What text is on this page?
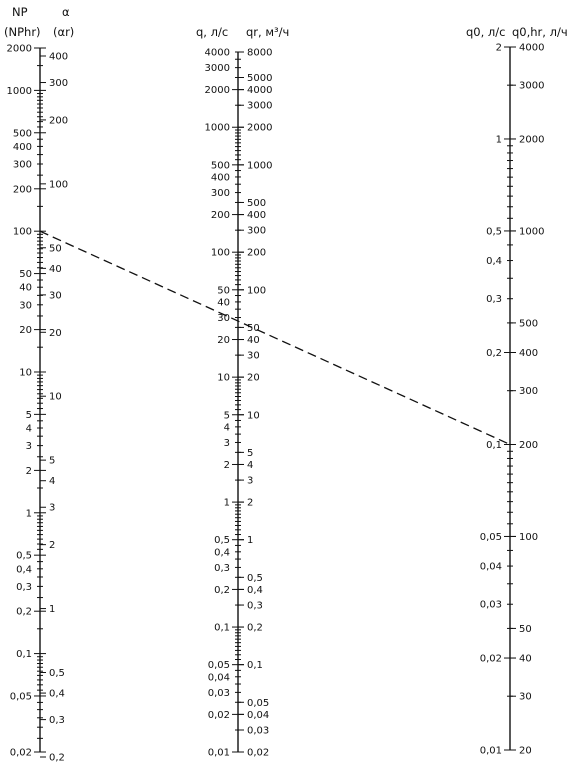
2000
1000
500
400
300
200
100
50
40
30
20
10
5
4
3
2
1
0,5
0,4
0,3
0,2
0,1
0,05
0,02
400
300
200
100
50
40
30
20
10
5
4
3
2
1
0,5
0,4
0,3
0,2
NP
(NPhr)
α
(αr)
4000
3000
2000
1000
500
400
300
200
100
50
40
30
20
10
5
4
3
2
1
0,5
0,4
0,3
0,2
0,1
0,05
0,04
0,03
0,02
0,01
8000
5000
4000
3000
2000
1000
500
400
300
200
100
50
40
30
20
10
5
4
3
2
1
0,5
0,4
0,3
0,2
0,1
0,05
0,04
0,03
0,02
q, л/с qr, м³/ч
2
1
0,5
0,4
0,3
0,2
0,1
0,05
0,04
0,03
0,02
0,01
4000
3000
2000
1000
500
400
300
200
100
50
40
30
20
q0, л/с q0,hr, л/ч
